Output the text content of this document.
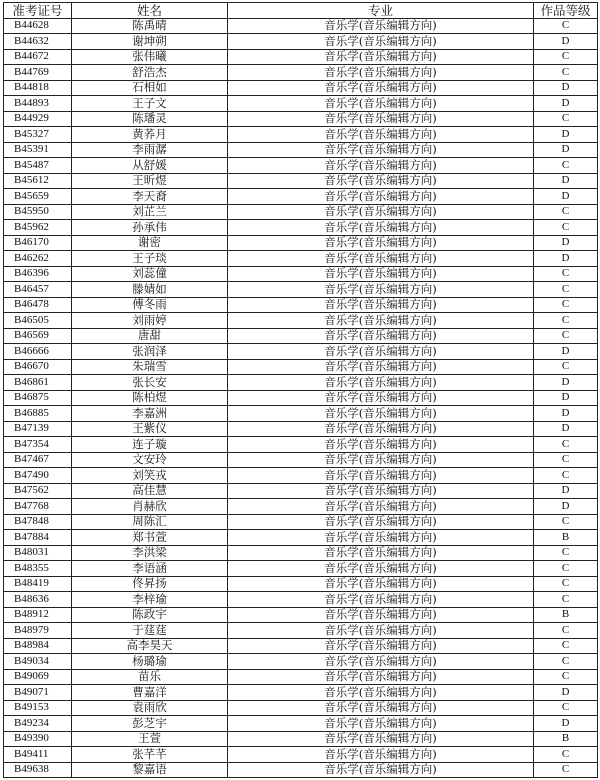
准考证号	姓名	专业	作品等级
B44628	陈禹晴	音乐学(音乐编辑方向)	C
B44632	谢坤朔	音乐学(音乐编辑方向)	D
B44672	张伟曦	音乐学(音乐编辑方向)	C
B44769	舒浩杰	音乐学(音乐编辑方向)	C
B44818	石相如	音乐学(音乐编辑方向)	D
B44893	王子文	音乐学(音乐编辑方向)	D
B44929	陈璠灵	音乐学(音乐编辑方向)	C
B45327	黄荞月	音乐学(音乐编辑方向)	D
B45391	李雨潺	音乐学(音乐编辑方向)	D
B45487	从舒媛	音乐学(音乐编辑方向)	C
B45612	王昕煜	音乐学(音乐编辑方向)	D
B45659	李天裔	音乐学(音乐编辑方向)	D
B45950	刘芷兰	音乐学(音乐编辑方向)	C
B45962	孙承伟	音乐学(音乐编辑方向)	C
B46170	谢密	音乐学(音乐编辑方向)	D
B46262	王子琰	音乐学(音乐编辑方向)	D
B46396	刘蕊僮	音乐学(音乐编辑方向)	C
B46457	滕婧如	音乐学(音乐编辑方向)	C
B46478	傅冬雨	音乐学(音乐编辑方向)	C
B46505	刘雨婷	音乐学(音乐编辑方向)	C
B46569	唐甜	音乐学(音乐编辑方向)	C
B46666	张润泽	音乐学(音乐编辑方向)	D
B46670	朱瑞雪	音乐学(音乐编辑方向)	C
B46861	张长安	音乐学(音乐编辑方向)	D
B46875	陈柏煜	音乐学(音乐编辑方向)	D
B46885	李嘉洲	音乐学(音乐编辑方向)	D
B47139	王紫仪	音乐学(音乐编辑方向)	D
B47354	连子璇	音乐学(音乐编辑方向)	C
B47467	文安玲	音乐学(音乐编辑方向)	C
B47490	刘笑戎	音乐学(音乐编辑方向)	C
B47562	高佳慧	音乐学(音乐编辑方向)	D
B47768	肖赫欣	音乐学(音乐编辑方向)	D
B47848	周陈汇	音乐学(音乐编辑方向)	C
B47884	郑书萱	音乐学(音乐编辑方向)	B
B48031	李洪梁	音乐学(音乐编辑方向)	C
B48355	李语涵	音乐学(音乐编辑方向)	C
B48419	佟昇扬	音乐学(音乐编辑方向)	C
B48636	李梓瑜	音乐学(音乐编辑方向)	C
B48912	陈政宇	音乐学(音乐编辑方向)	B
B48979	于莛莛	音乐学(音乐编辑方向)	C
B48984	高李昊天	音乐学(音乐编辑方向)	C
B49034	杨璐瑜	音乐学(音乐编辑方向)	C
B49069	苗乐	音乐学(音乐编辑方向)	C
B49071	曹嘉洋	音乐学(音乐编辑方向)	D
B49153	袁雨欣	音乐学(音乐编辑方向)	C
B49234	彭芝宇	音乐学(音乐编辑方向)	D
B49390	王萱	音乐学(音乐编辑方向)	B
B49411	张芊芊	音乐学(音乐编辑方向)	C
B49638	黎嘉语	音乐学(音乐编辑方向)	C
